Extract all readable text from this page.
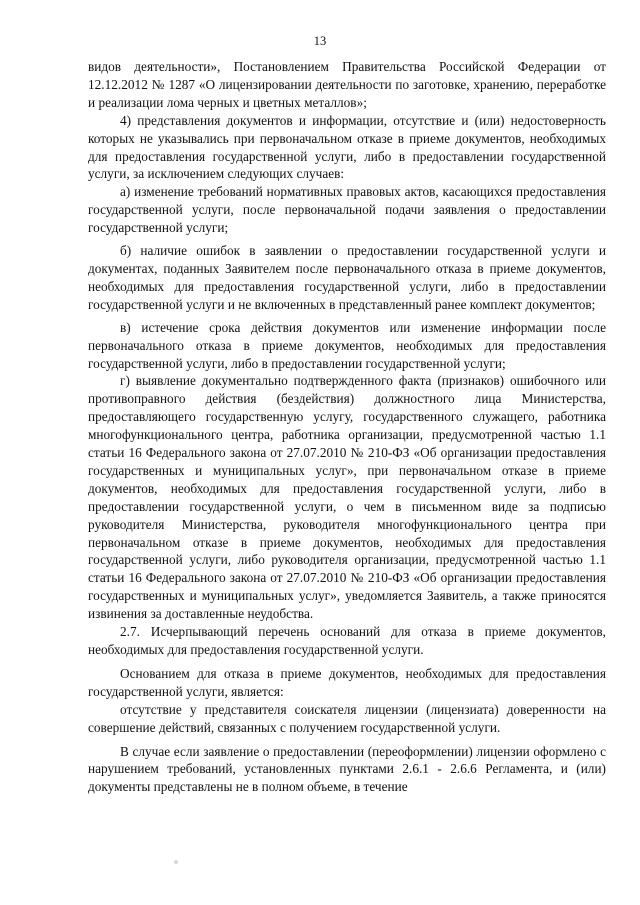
13

видов деятельности», Постановлением Правительства Российской Федерации от 12.12.2012 № 1287 «О лицензировании деятельности по заготовке, хранению, переработке и реализации лома черных и цветных металлов»;

4) представления документов и информации, отсутствие и (или) недостоверность которых не указывались при первоначальном отказе в приеме документов, необходимых для предоставления государственной услуги, либо в предоставлении государственной услуги, за исключением следующих случаев:

а) изменение требований нормативных правовых актов, касающихся предоставления государственной услуги, после первоначальной подачи заявления о предоставлении государственной услуги;

б) наличие ошибок в заявлении о предоставлении государственной услуги и документах, поданных Заявителем после первоначального отказа в приеме документов, необходимых для предоставления государственной услуги, либо в предоставлении государственной услуги и не включенных в представленный ранее комплект документов;

в) истечение срока действия документов или изменение информации после первоначального отказа в приеме документов, необходимых для предоставления государственной услуги, либо в предоставлении государственной услуги;

г) выявление документально подтвержденного факта (признаков) ошибочного или противоправного действия (бездействия) должностного лица Министерства, предоставляющего государственную услугу, государственного служащего, работника многофункционального центра, работника организации, предусмотренной частью 1.1 статьи 16 Федерального закона от 27.07.2010 № 210-ФЗ «Об организации предоставления государственных и муниципальных услуг», при первоначальном отказе в приеме документов, необходимых для предоставления государственной услуги, либо в предоставлении государственной услуги, о чем в письменном виде за подписью руководителя Министерства, руководителя многофункционального центра при первоначальном отказе в приеме документов, необходимых для предоставления государственной услуги, либо руководителя организации, предусмотренной частью 1.1 статьи 16 Федерального закона от 27.07.2010 № 210-ФЗ «Об организации предоставления государственных и муниципальных услуг», уведомляется Заявитель, а также приносятся извинения за доставленные неудобства.

2.7. Исчерпывающий перечень оснований для отказа в приеме документов, необходимых для предоставления государственной услуги.

Основанием для отказа в приеме документов, необходимых для предоставления государственной услуги, является:

отсутствие у представителя соискателя лицензии (лицензиата) доверенности на совершение действий, связанных с получением государственной услуги.

В случае если заявление о предоставлении (переоформлении) лицензии оформлено с нарушением требований, установленных пунктами 2.6.1 - 2.6.6 Регламента, и (или) документы представлены не в полном объеме, в течение
